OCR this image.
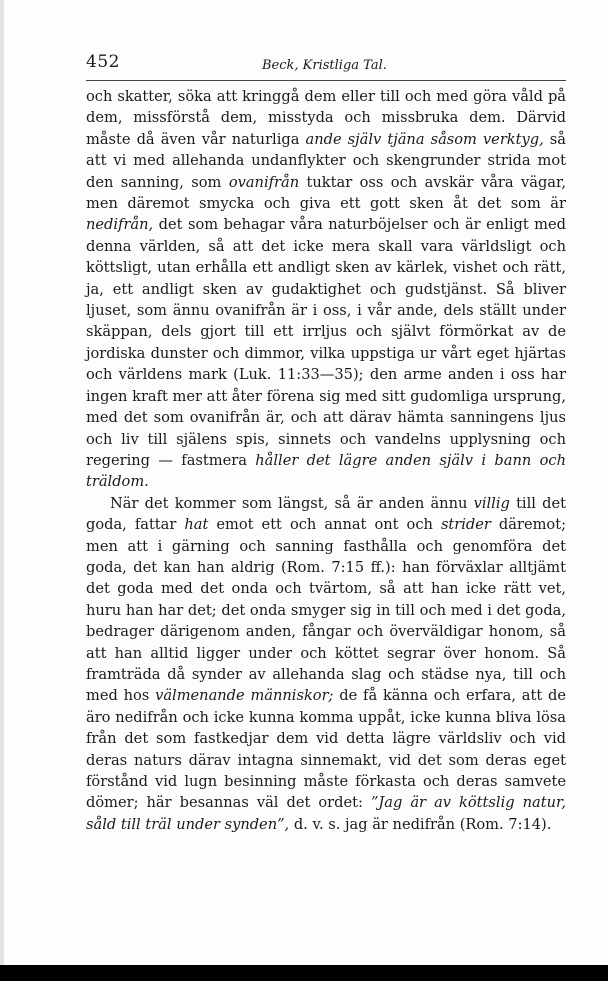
452	Beck, Kristliga Tal.

och skatter, söka att kringgå dem eller till och med göra våld på dem, missförstå dem, misstyda och missbruka dem. Därvid måste då även vår naturliga ande själv tjäna såsom verktyg, så att vi med allehanda undanflykter och skengrunder strida mot den sanning, som ovanifrån tuktar oss och avskär våra vägar, men däremot smycka och giva ett gott sken åt det som är nedifrån, det som behagar våra naturböjelser och är enligt med denna världen, så att det icke mera skall vara världsligt och köttsligt, utan erhålla ett andligt sken av kärlek, vishet och rätt, ja, ett andligt sken av gudaktighet och gudstjänst. Så bliver ljuset, som ännu ovanifrån är i oss, i vår ande, dels ställt under skäppan, dels gjort till ett irrljus och självt förmörkat av de jordiska dunster och dimmor, vilka uppstiga ur vårt eget hjärtas och världens mark (Luk. 11:33—35); den arme anden i oss har ingen kraft mer att åter förena sig med sitt gudomliga ursprung, med det som ovanifrån är, och att därav hämta sanningens ljus och liv till själens spis, sinnets och vandelns upplysning och regering — fastmera håller det lägre anden själv i bann och träldom.

När det kommer som längst, så är anden ännu villig till det goda, fattar hat emot ett och annat ont och strider däremot; men att i gärning och sanning fasthålla och genomföra det goda, det kan han aldrig (Rom. 7:15 ff.): han förväxlar alltjämt det goda med det onda och tvärtom, så att han icke rätt vet, huru han har det; det onda smyger sig in till och med i det goda, bedrager därigenom anden, fångar och överväldigar honom, så att han alltid ligger under och köttet segrar över honom. Så framträda då synder av allehanda slag och städse nya, till och med hos välmenande människor; de få känna och erfara, att de äro nedifrån och icke kunna komma uppåt, icke kunna bliva lösa från det som fastkedjar dem vid detta lägre världsliv och vid deras naturs därav intagna sinnemakt, vid det som deras eget förstånd vid lugn besinning måste förkasta och deras samvete dömer; här besannas väl det ordet: ”Jag är av köttslig natur, såld till träl under synden”, d. v. s. jag är nedifrån (Rom. 7:14).
